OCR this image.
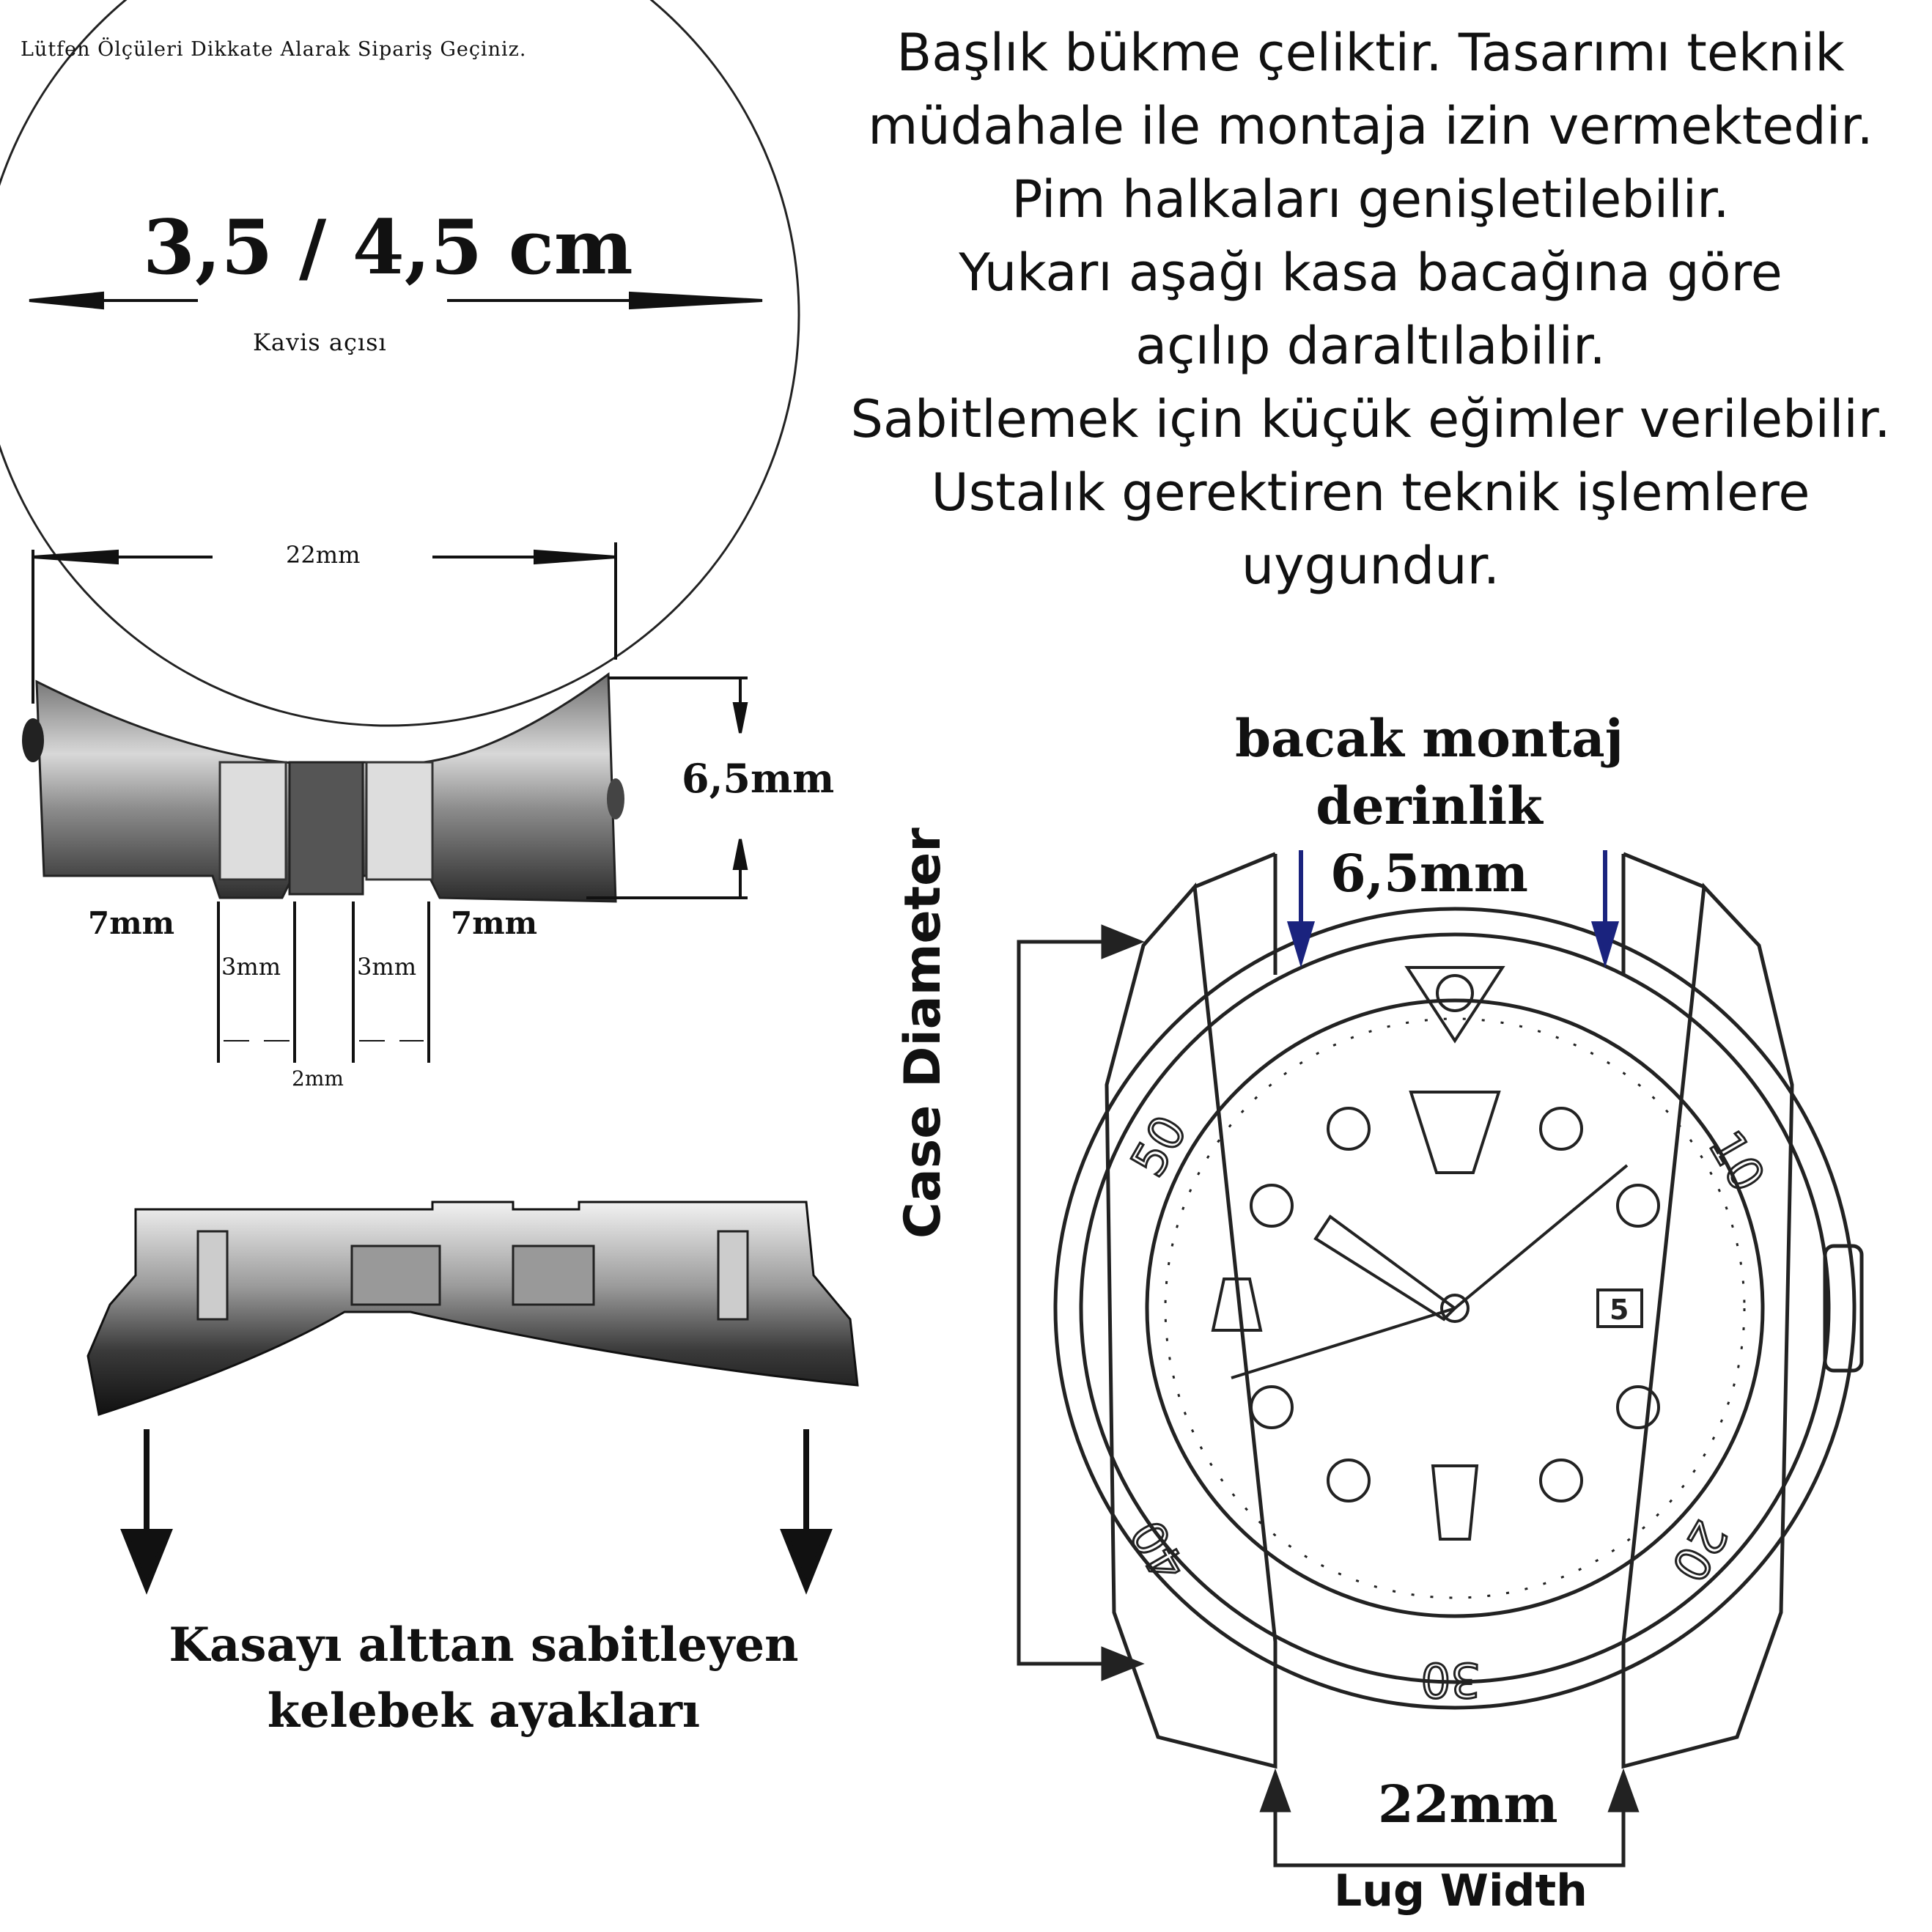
10
20
30
40
50
5
Lütfen Ölçüleri Dikkate Alarak Sipariş Geçiniz.
3,5 / 4,5 cm
Kavis açısı
Başlık bükme çeliktir. Tasarımı teknik
müdahale ile montaja izin vermektedir.
Pim halkaları genişletilebilir.
Yukarı aşağı kasa bacağına göre
açılıp daraltılabilir.
Sabitlemek için küçük eğimler verilebilir.
Ustalık gerektiren teknik işlemlere
uygundur.
22mm
6,5mm
7mm	7mm
3mm	3mm
2mm
Kasayı alttan sabitleyen
kelebek ayakları
bacak montaj
derinlik
6,5mm
22mm
Lug Width
Case Diameter
